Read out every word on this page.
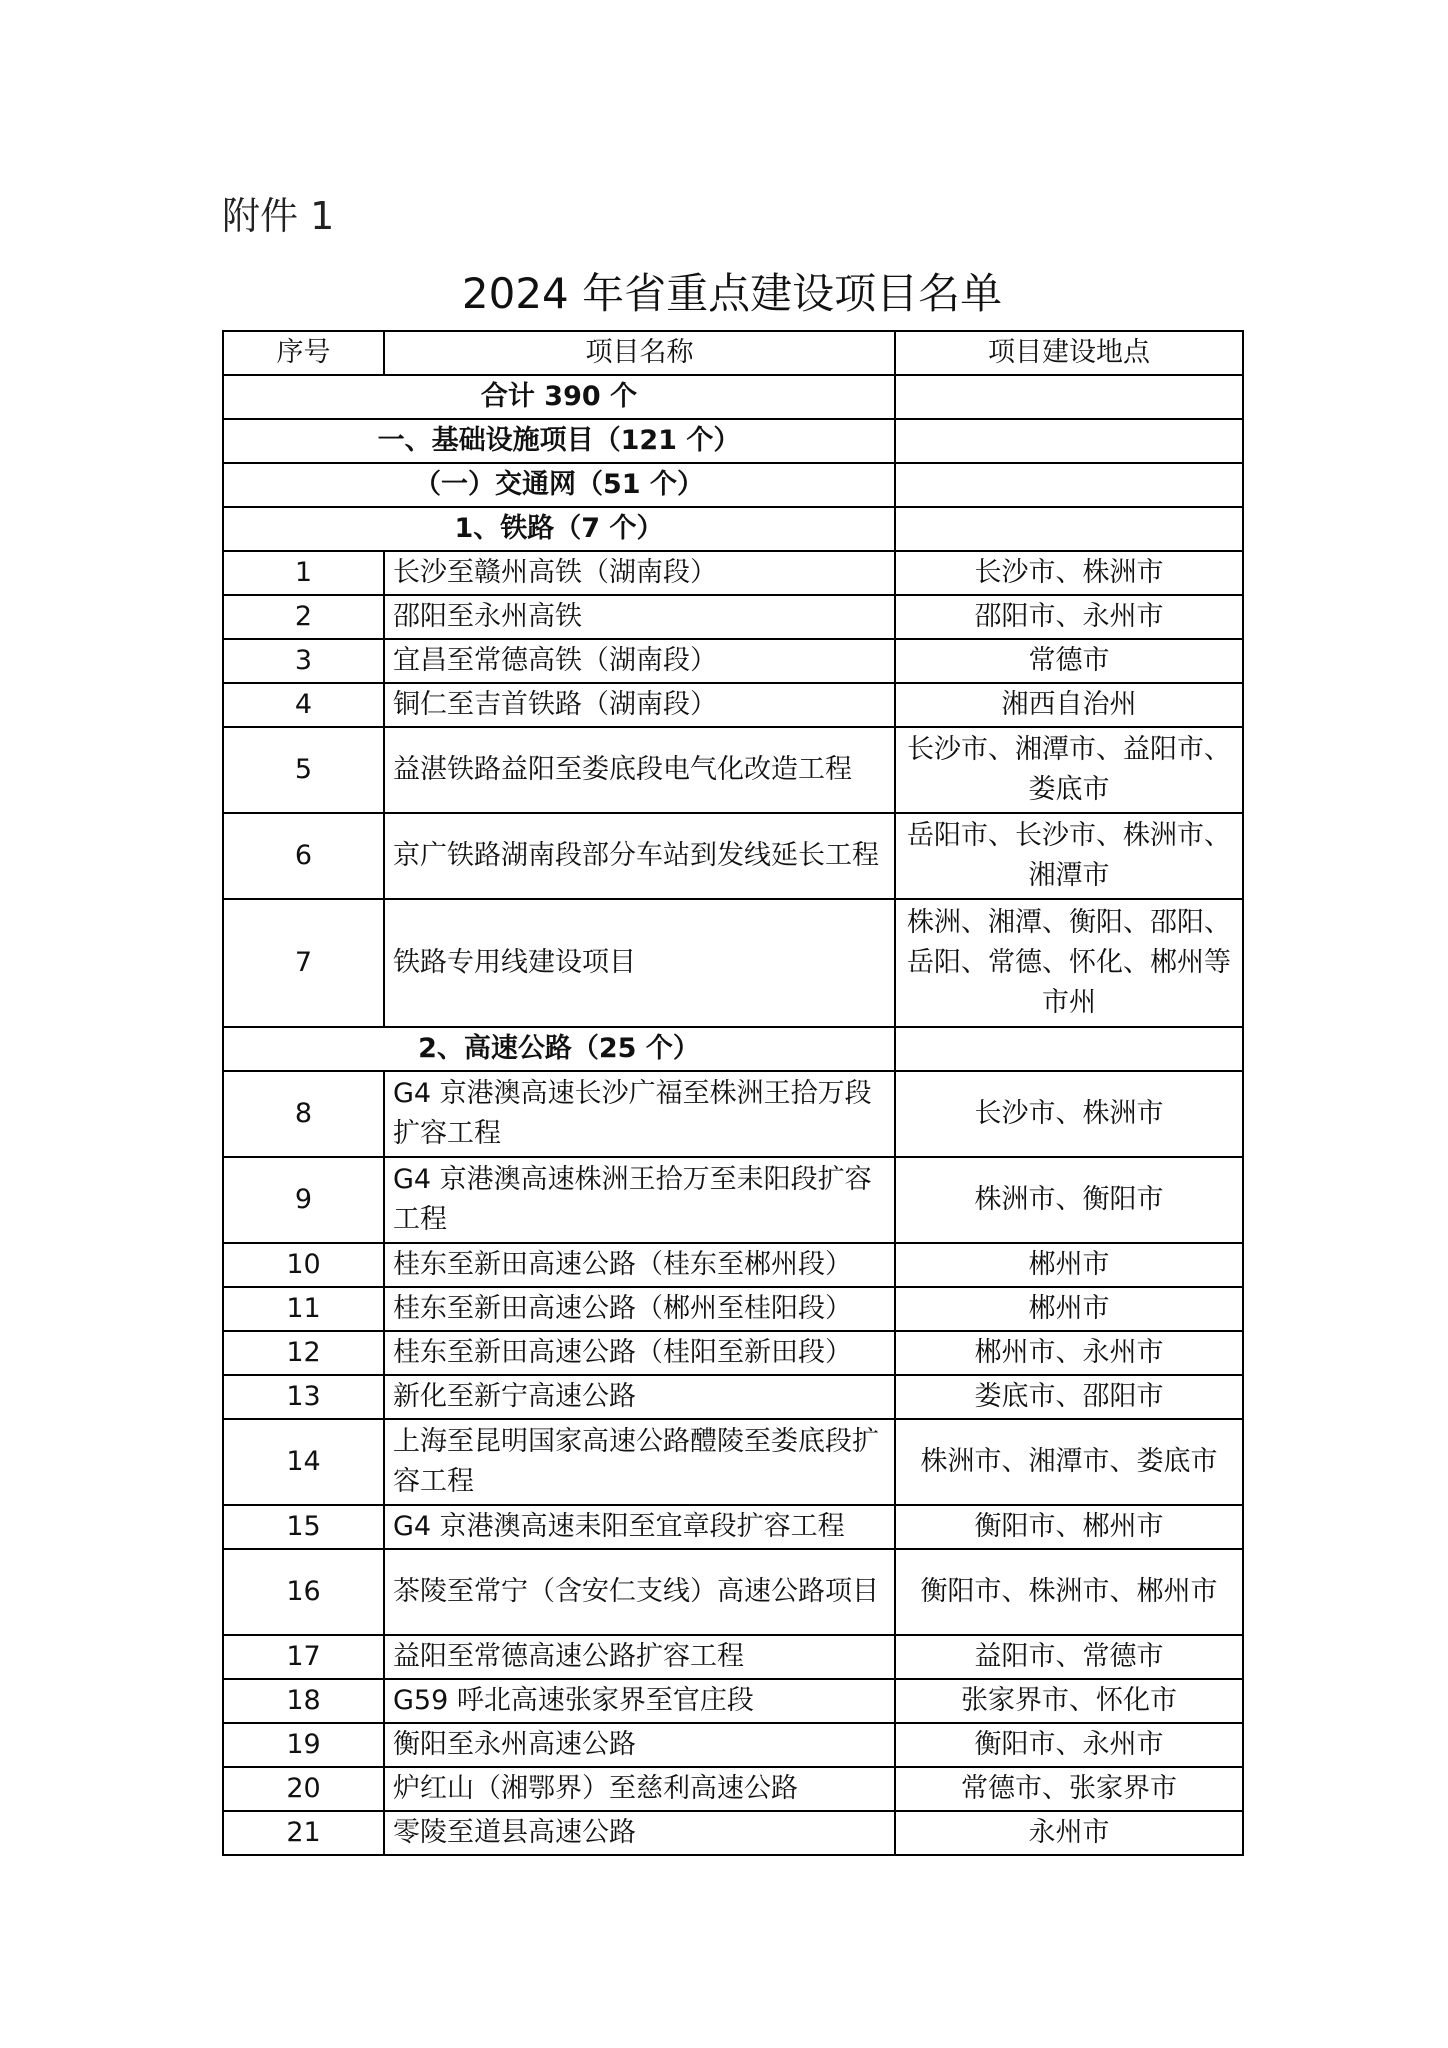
附件 1
2024 年省重点建设项目名单
序号	项目名称	项目建设地点
合计 390 个		
一、基础设施项目（121 个）		
（一）交通网（51 个）		
1、铁路（7 个）		
1	长沙至赣州高铁（湖南段）	长沙市、株洲市
2	邵阳至永州高铁	邵阳市、永州市
3	宜昌至常德高铁（湖南段）	常德市
4	铜仁至吉首铁路（湖南段）	湘西自治州
5	益湛铁路益阳至娄底段电气化改造工程	长沙市、湘潭市、益阳市、娄底市
6	京广铁路湖南段部分车站到发线延长工程	岳阳市、长沙市、株洲市、湘潭市
7	铁路专用线建设项目	株洲、湘潭、衡阳、邵阳、岳阳、常德、怀化、郴州等市州
2、高速公路（25 个）		
8	G4 京港澳高速长沙广福至株洲王拾万段扩容工程	长沙市、株洲市
9	G4 京港澳高速株洲王拾万至耒阳段扩容工程	株洲市、衡阳市
10	桂东至新田高速公路（桂东至郴州段）	郴州市
11	桂东至新田高速公路（郴州至桂阳段）	郴州市
12	桂东至新田高速公路（桂阳至新田段）	郴州市、永州市
13	新化至新宁高速公路	娄底市、邵阳市
14	上海至昆明国家高速公路醴陵至娄底段扩容工程	株洲市、湘潭市、娄底市
15	G4 京港澳高速耒阳至宜章段扩容工程	衡阳市、郴州市
16	茶陵至常宁（含安仁支线）高速公路项目	衡阳市、株洲市、郴州市
17	益阳至常德高速公路扩容工程	益阳市、常德市
18	G59 呼北高速张家界至官庄段	张家界市、怀化市
19	衡阳至永州高速公路	衡阳市、永州市
20	炉红山（湘鄂界）至慈利高速公路	常德市、张家界市
21	零陵至道县高速公路	永州市
